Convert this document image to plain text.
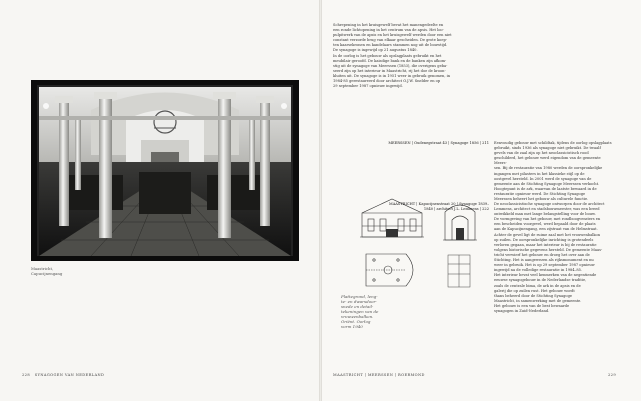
Maastricht,
Capucijnengang
228 SYNAGOGEN VAN NEDERLAND
Schrepening in het kruisgewelf bevat het manengedeelte en
een ronde lichtopening in het centrum van de apsis. Het loo-
pulpitwerk van de apsis en het kruisgewelf werden door een niet
constant verzorde brug van elkaar gescheiden. De grote koep-
ten kaarsekronen en kandelaars stammen nog uit de bouwtijd.
De synagoge is ingewijd op 21 augustus 1840.
In de oorlog is het gebouw als opslagplaats gebruikt en het
meubilair geroofd. De kaisdige bank en de banken zijn afkom-
stig uit de synagoge van Meerssen (1853), die overigens geba-
seerd zijn op het interieur in Maastricht, rij het doe de kroon-
kluiten uit. De synagoge is in 1951 weer in gebruik genomen, in
1984-85 gerestaureerd door architect O.J.W. Snelder en op
29 september 1987 opnieuw ingewijd.
MEERSSEN | Oudenegstraat 43 | Synagoge 1856 | 211 Eenvoudig gebouw met schildtak, tijdens de oorlog opslagplaats
gebruikt, sinds 1936 als synagoge niet gebruikt. De twaalf
gevels van de zaal zijn op het neoclassicistisch rood
geschilderd, het gebouw werd eigendom van de gemeente Meers-
sen. Bij de restauratie van 1980 werden de oorspronkelijke
ingangen met pilasters in het klassieke stijl op de
oostgevel hersteld. In 2001 werd de synagoge van de
gemeente aan de Stichting Synagoge Meerssen verkocht.
Hoogtepunt is de ark, waarvan de laatste bewaard in de
restauratie opnieuw werd. De Stichting Synagoge
Meerssen beheert het gebouw als culturele functie.
MAASTRICHT | Kapucijnenstraat 20 | Synagoge 1839–1840 | architect J.L. Lemmens | 222
De neoclassicistische synagoge ontworpen door de architect
Lemmens, architect en stadsbouwmeester, was een breed
ontwikkeld man met lange belangstelling voor de bouw.
De vormgeving van het gebouw, met rondboogvensters en
een bescheiden voorgevel, werd bepaald door de plaats
aan de Kapucijnengang, een zijstraat van de Helmstraat.
Achter de gevel ligt de ruime zaal met het vrouwenbalkon
op zuilen. De oorspronkelijke inrichting is grotendeels
verloren gegaan, maar het interieur is bij de restauratie
volgens historische gegevens hersteld. De gemeente Maas-
tricht verwierf het gebouw en droeg het over aan de
Stichting. Het is aangewezen als rijksmonument en nu
weer in gebruik. Het is op 29 september 1987 opnieuw
ingewijd na de volledige restauratie in 1984–85.
Het interieur bevat veel kenmerken van de negentiende
eeuwse synagogebouw in de Nederlandse traditie,
zoals de centrale bima, de ark in de apsis en de
galerij die op zuilen rust. Het gebouw wordt
thans beheerd door de Stichting Synagoge
Maastricht, in samenwerking met de gemeente.
Het gebouw is een van de best bewaarde
synagogen in Zuid-Nederland.
Plattegrond, leng-
te- en dwarsdoor-
snede en detail-
tekeningen van de
vrouwenbalkon.
Oriënt. Oorlog
vorm 1940
MAASTRICHT | MEERSSEN | ROERMOND	229
